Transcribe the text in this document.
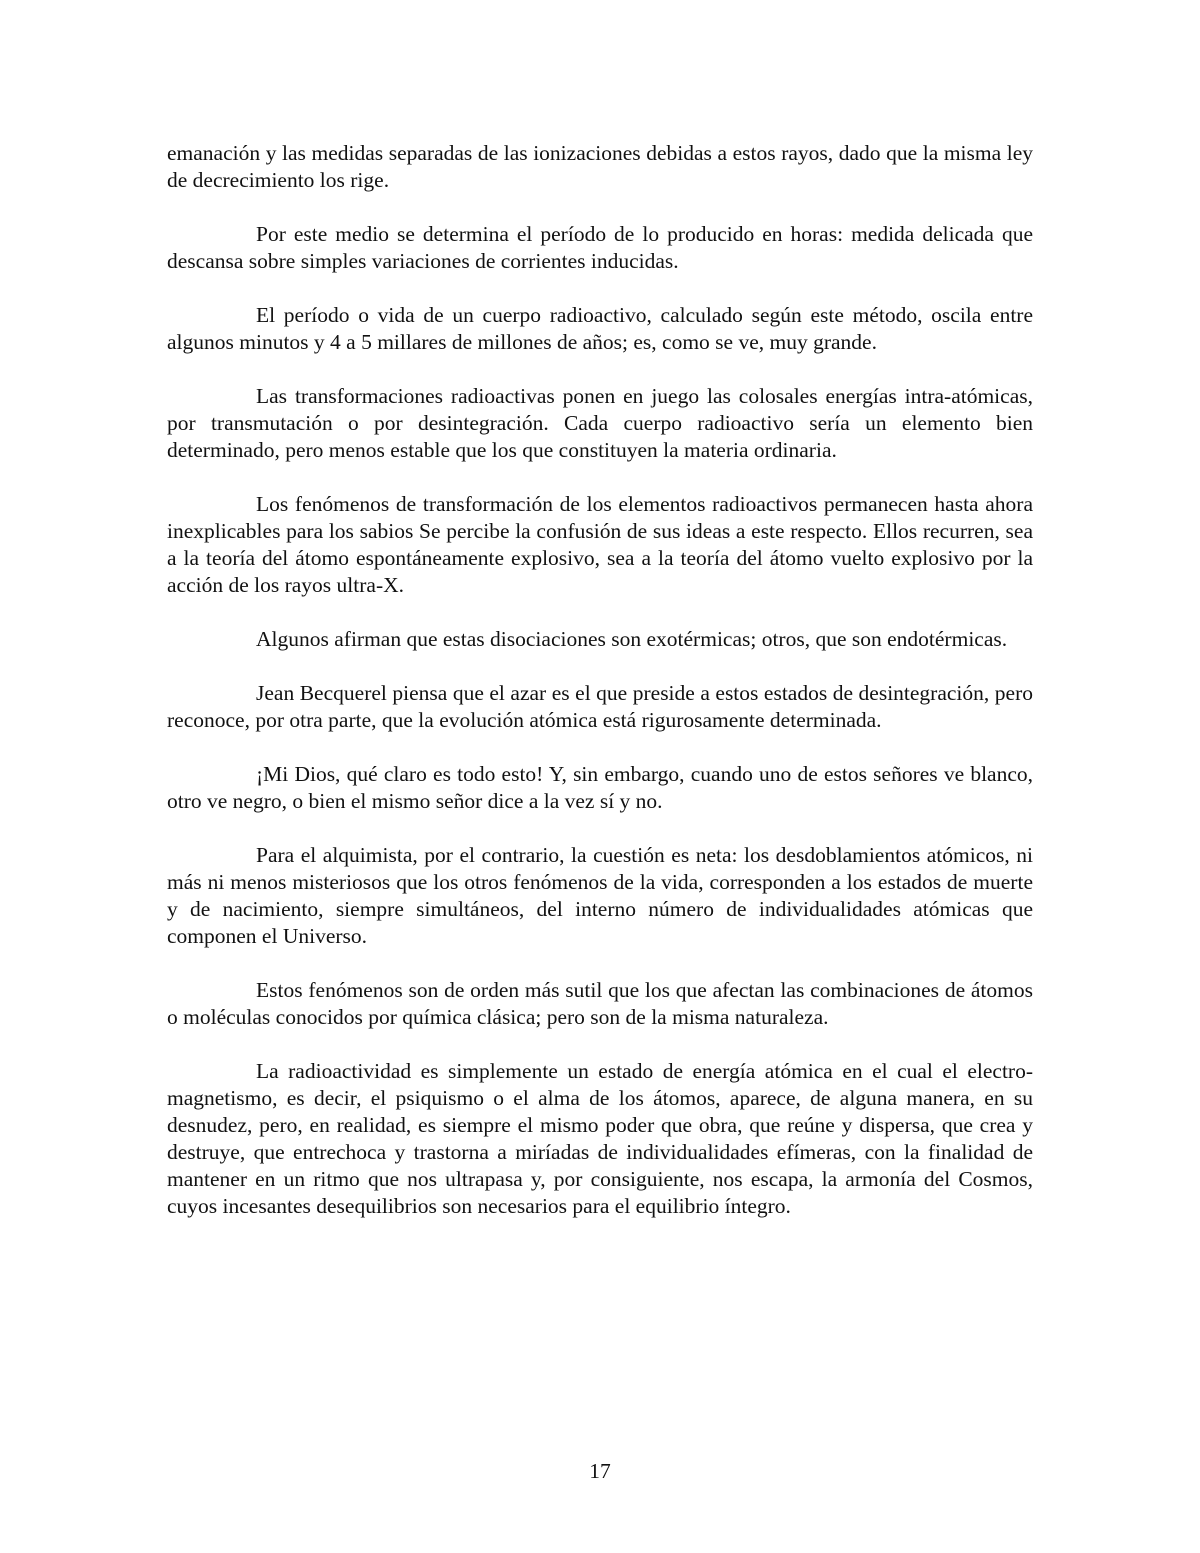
emanación y las medidas separadas de las ionizaciones debidas a estos rayos, dado que la misma ley de decrecimiento los rige.

Por este medio se determina el período de lo producido en horas: medida delicada que descansa sobre simples variaciones de corrientes inducidas.

El período o vida de un cuerpo radioactivo, calculado según este método, oscila entre algunos minutos y 4 a 5 millares de millones de años; es, como se ve, muy grande.

Las transformaciones radioactivas ponen en juego las colosales energías intra-atómicas, por transmutación o por desintegración. Cada cuerpo radioactivo sería un elemento bien determinado, pero menos estable que los que constituyen la materia ordinaria.

Los fenómenos de transformación de los elementos radioactivos permanecen hasta ahora inexplicables para los sabios Se percibe la confusión de sus ideas a este respecto. Ellos recurren, sea a la teoría del átomo espontáneamente explosivo, sea a la teoría del átomo vuelto explosivo por la acción de los rayos ultra-X.

Algunos afirman que estas disociaciones son exotérmicas; otros, que son endotérmicas.

Jean Becquerel piensa que el azar es el que preside a estos estados de desintegración, pero reconoce, por otra parte, que la evolución atómica está rigurosamente determinada.

¡Mi Dios, qué claro es todo esto! Y, sin embargo, cuando uno de estos señores ve blanco, otro ve negro, o bien el mismo señor dice a la vez sí y no.

Para el alquimista, por el contrario, la cuestión es neta: los desdoblamientos atómicos, ni más ni menos misteriosos que los otros fenómenos de la vida, corresponden a los estados de muerte y de nacimiento, siempre simultáneos, del interno número de individualidades atómicas que componen el Universo.

Estos fenómenos son de orden más sutil que los que afectan las combinaciones de átomos o moléculas conocidos por química clásica; pero son de la misma naturaleza.

La radioactividad es simplemente un estado de energía atómica en el cual el electro-magnetismo, es decir, el psiquismo o el alma de los átomos, aparece, de alguna manera, en su desnudez, pero, en realidad, es siempre el mismo poder que obra, que reúne y dispersa, que crea y destruye, que entrechoca y trastorna a miríadas de individualidades efímeras, con la finalidad de mantener en un ritmo que nos ultrapasa y, por consiguiente, nos escapa, la armonía del Cosmos, cuyos incesantes desequilibrios son necesarios para el equilibrio íntegro.

17
